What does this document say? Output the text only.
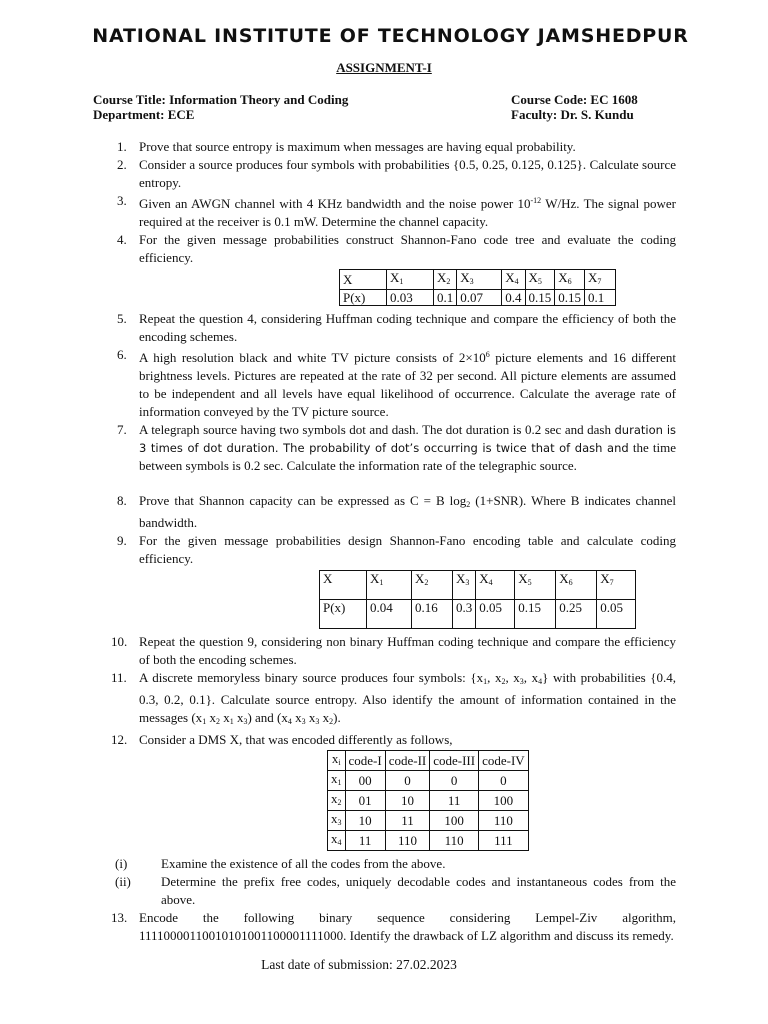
NATIONAL INSTITUTE OF TECHNOLOGY JAMSHEDPUR
ASSIGNMENT-I
Course Title: Information Theory and Coding
Department: ECE
Course Code: EC 1608
Faculty: Dr. S. Kundu
1. Prove that source entropy is maximum when messages are having equal probability.
2. Consider a source produces four symbols with probabilities {0.5, 0.25, 0.125, 0.125}. Calculate source entropy.
3. Given an AWGN channel with 4 KHz bandwidth and the noise power $10^{-12}$ W/Hz. The signal power required at the receiver is 0.1 mW. Determine the channel capacity.
4. For the given message probabilities construct Shannon-Fano code tree and evaluate the coding efficiency.
X	$X_1$	$X_2$	$X_3$	$X_4$	$X_5$	$X_6$	$X_7$
P(x)	0.03	0.1	0.07	0.4	0.15	0.15	0.1
5. Repeat the question 4, considering Huffman coding technique and compare the efficiency of both the encoding schemes.
6. A high resolution black and white TV picture consists of $2\times 10^6$ picture elements and 16 different brightness levels. Pictures are repeated at the rate of 32 per second. All picture elements are assumed to be independent and all levels have equal likelihood of occurrence. Calculate the average rate of information conveyed by the TV picture source.
7. A telegraph source having two symbols dot and dash. The dot duration is 0.2 sec and dash duration is 3 times of dot duration. The probability of dot’s occurring is twice that of dash and the time between symbols is 0.2 sec. Calculate the information rate of the telegraphic source.
8. Prove that Shannon capacity can be expressed as C = B $\log_2 (1+SNR)$. Where B indicates channel bandwidth.
9. For the given message probabilities design Shannon-Fano encoding table and calculate coding efficiency.
X	$X_1$	$X_2$	$X_3$	$X_4$	$X_5$	$X_6$	$X_7$
P(x)	0.04	0.16	0.3	0.05	0.15	0.25	0.05
10. Repeat the question 9, considering non binary Huffman coding technique and compare the efficiency of both the encoding schemes.
11. A discrete memoryless binary source produces four symbols: {$x_1$, $x_2$, $x_3$, $x_4$} with probabilities {0.4, 0.3, 0.2, 0.1}. Calculate source entropy. Also identify the amount of information contained in the messages ($x_1$ $x_2$ $x_1$ $x_3$) and ($x_4$ $x_3$ $x_3$ $x_2$).
12. Consider a DMS X, that was encoded differently as follows,
$x_i$	code-I	code-II	code-III	code-IV
$x_1$	00	0	0	0
$x_2$	01	10	11	100
$x_3$	10	11	100	110
$x_4$	11	110	110	111
(i)	Examine the existence of all the codes from the above.
(ii) Determine the prefix free codes, uniquely decodable codes and instantaneous codes from the above.
13. Encode the following binary sequence considering Lempel-Ziv algorithm, 11110000110010101001100001111000. Identify the drawback of LZ algorithm and discuss its remedy.
Last date of submission: 27.02.2023
